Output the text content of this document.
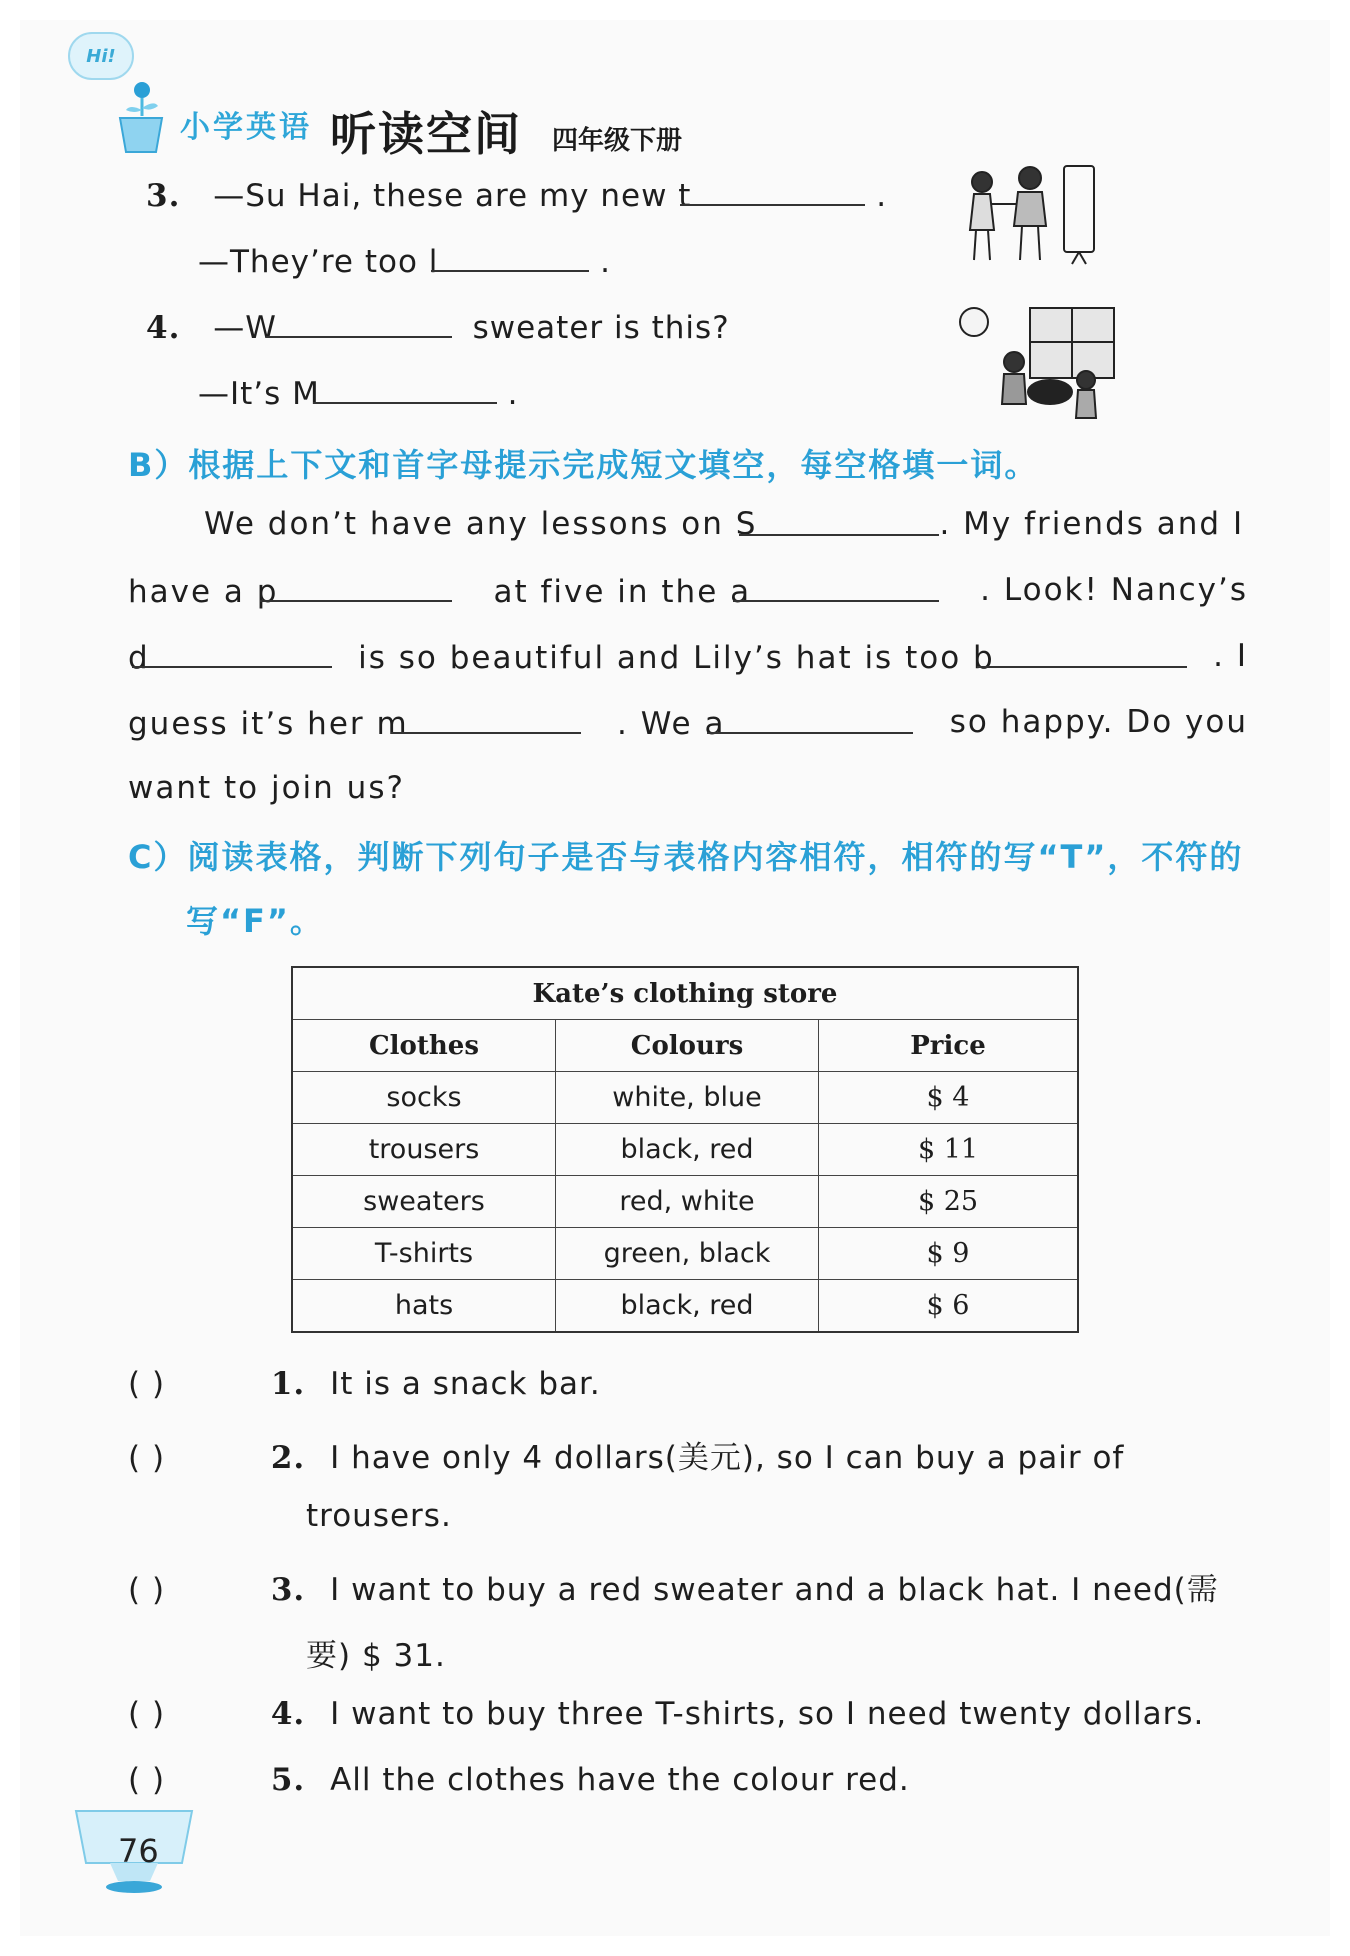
Hi!
小学英语 听读空间 四年级下册
3. —Su Hai, these are my new t	.
—They’re too l	.
4. —W	sweater is this?
—It’s M	.
B）根据上下文和首字母提示完成短文填空，每空格填一词。
We don’t have any lessons on S	. My friends and I
have a p	at five in the a	. Look! Nancy’s
d	is so beautiful and Lily’s hat is too b	. I
guess it’s her m	. We a	so happy. Do you
want to join us?
C）阅读表格，判断下列句子是否与表格内容相符，相符的写“T”，不符的
写“F”。
Kate’s clothing store		
Clothes	Colours	Price
socks	white, blue	$ 4
trousers	black, red	$ 11
sweaters	red, white	$ 25
T-shirts	green, black	$ 9
hats	black, red	$ 6
( )	1. It is a snack bar.
( )	2. I have only 4 dollars(美元), so I can buy a pair of
trousers.
( )	3. I want to buy a red sweater and a black hat. I need(需
要) $ 31.
( )	4. I want to buy three T-shirts, so I need twenty dollars.
( )	5. All the clothes have the colour red.
76
